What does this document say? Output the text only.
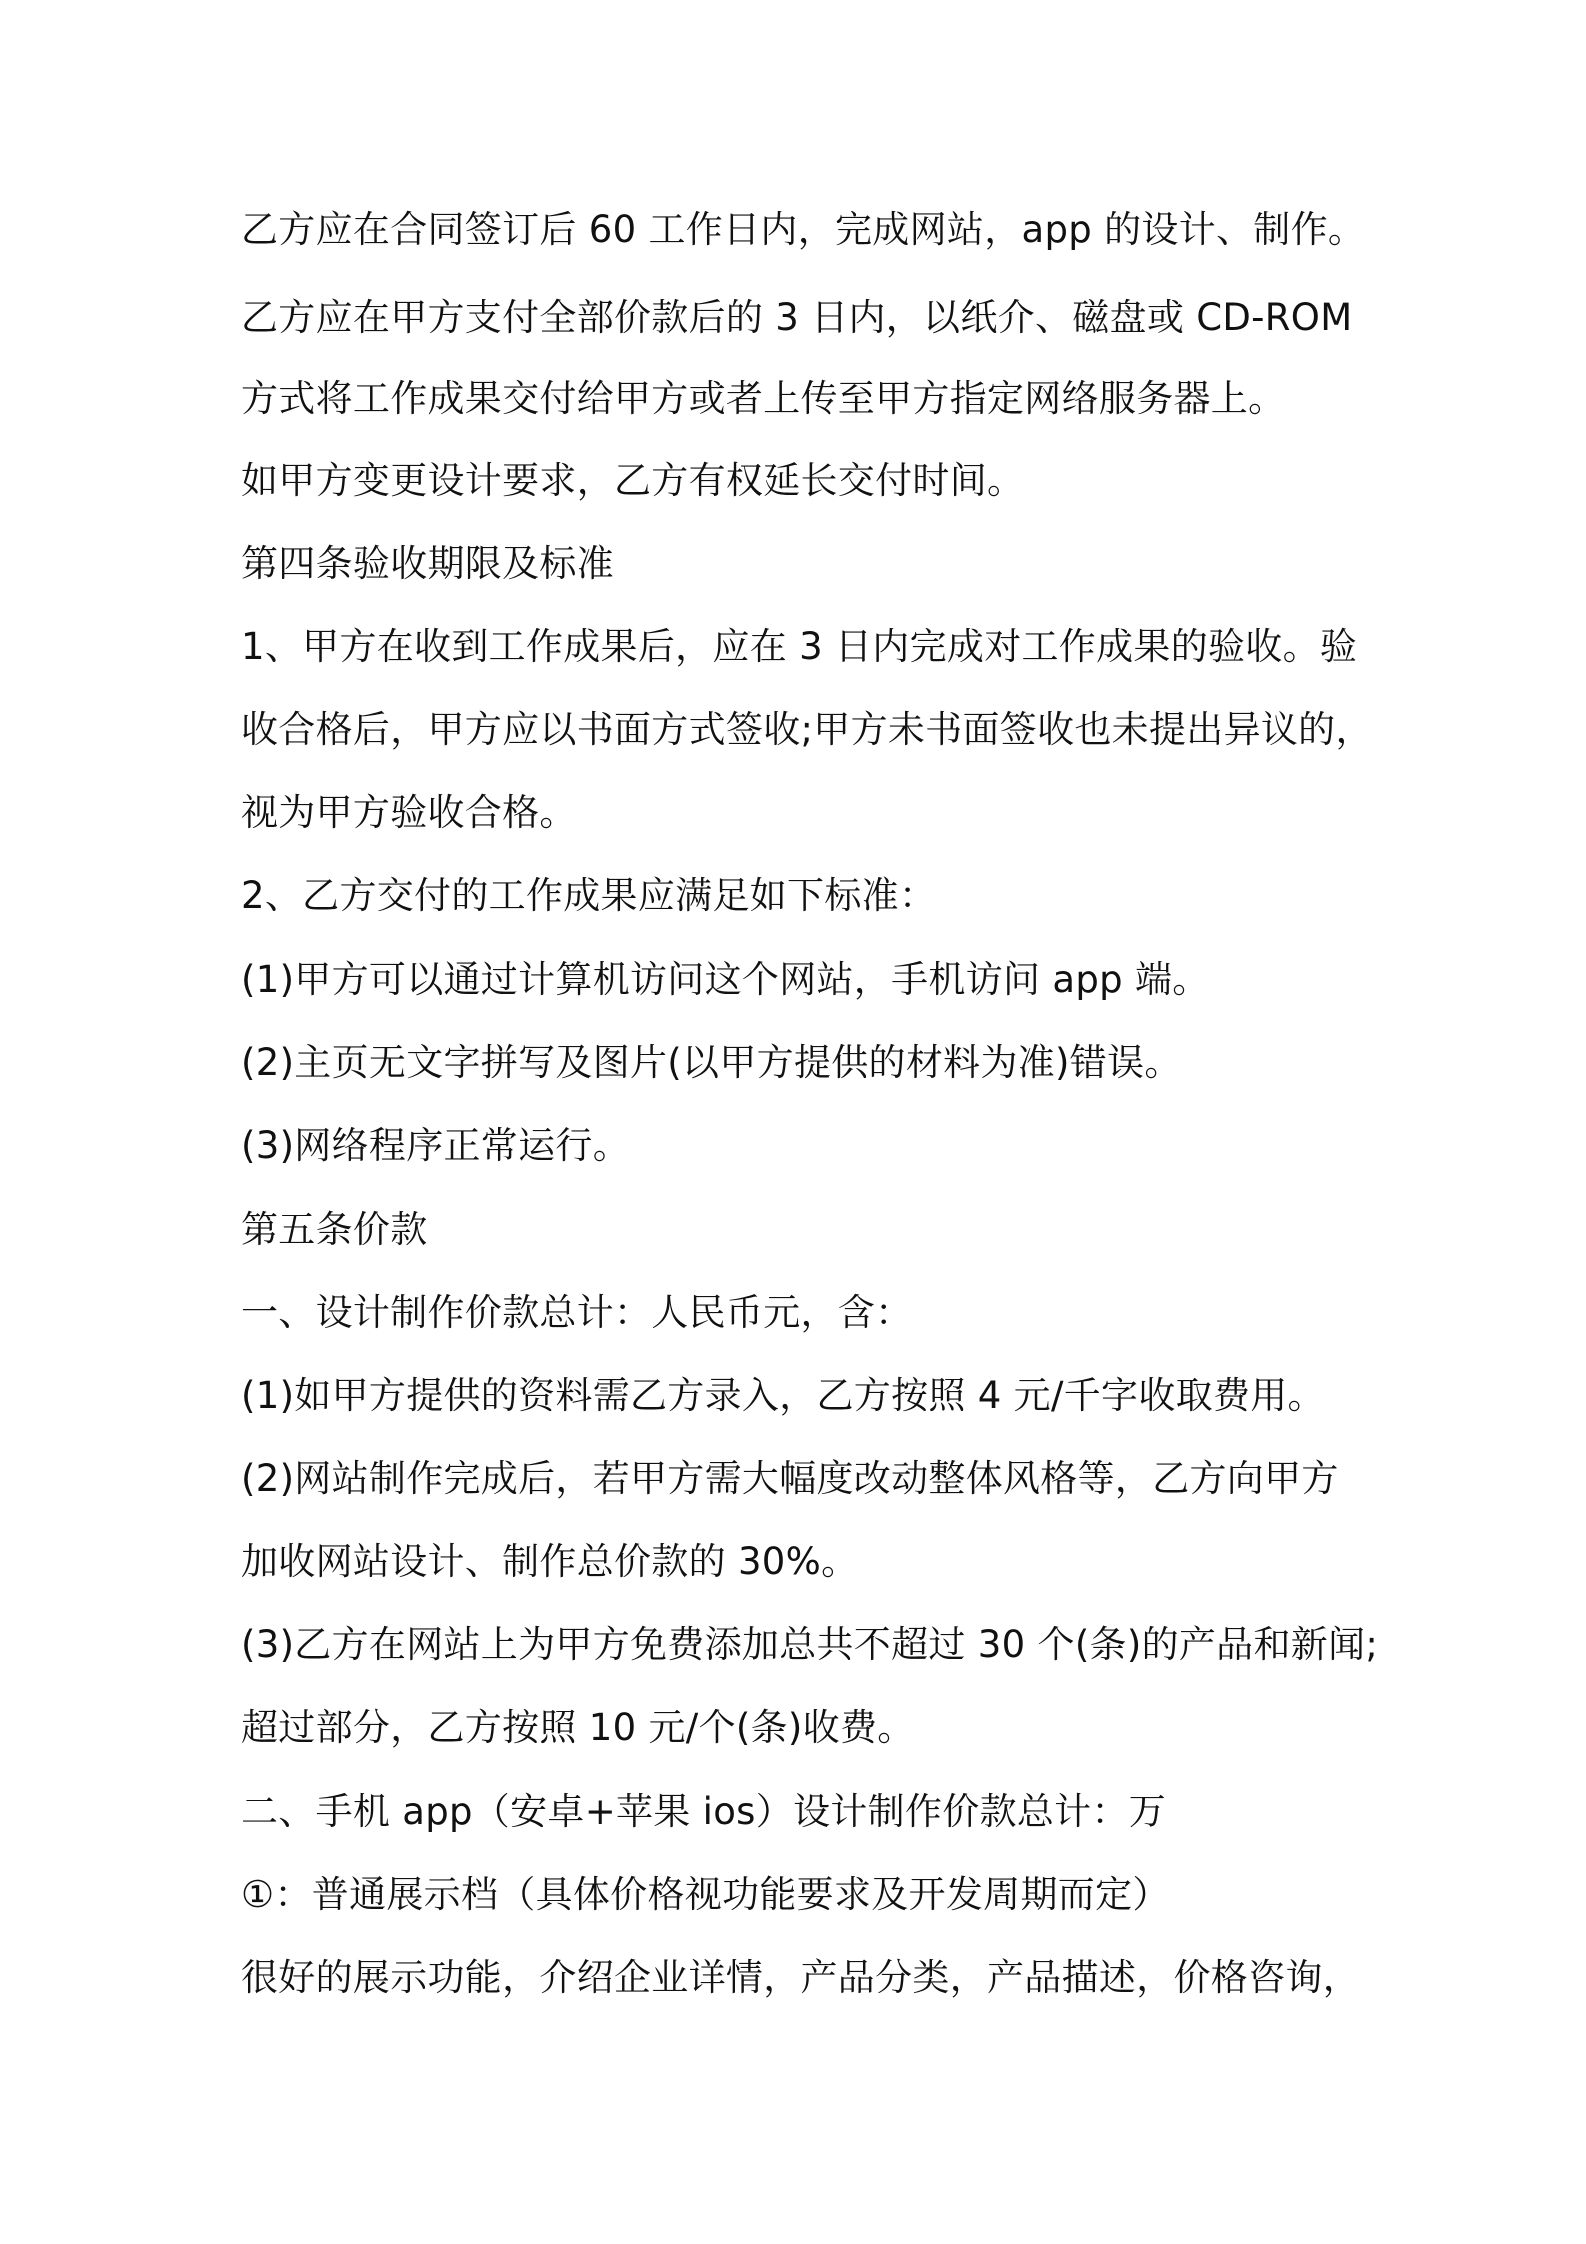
乙方应在合同签订后 60 工作日内，完成网站，app 的设计、制作。
乙方应在甲方支付全部价款后的 3 日内，以纸介、磁盘或 CD-ROM
方式将工作成果交付给甲方或者上传至甲方指定网络服务器上。
如甲方变更设计要求，乙方有权延长交付时间。
第四条验收期限及标准
1、甲方在收到工作成果后，应在 3 日内完成对工作成果的验收。验
收合格后，甲方应以书面方式签收;甲方未书面签收也未提出异议的，
视为甲方验收合格。
2、乙方交付的工作成果应满足如下标准：
(1)甲方可以通过计算机访问这个网站，手机访问 app 端。
(2)主页无文字拼写及图片(以甲方提供的材料为准)错误。
(3)网络程序正常运行。
第五条价款
一、设计制作价款总计：人民币元，含：
(1)如甲方提供的资料需乙方录入，乙方按照 4 元/千字收取费用。
(2)网站制作完成后，若甲方需大幅度改动整体风格等，乙方向甲方
加收网站设计、制作总价款的 30%。
(3)乙方在网站上为甲方免费添加总共不超过 30 个(条)的产品和新闻;
超过部分，乙方按照 10 元/个(条)收费。
二、手机 app（安卓+苹果 ios）设计制作价款总计：万
①：普通展示档（具体价格视功能要求及开发周期而定）
很好的展示功能，介绍企业详情，产品分类，产品描述，价格咨询，
